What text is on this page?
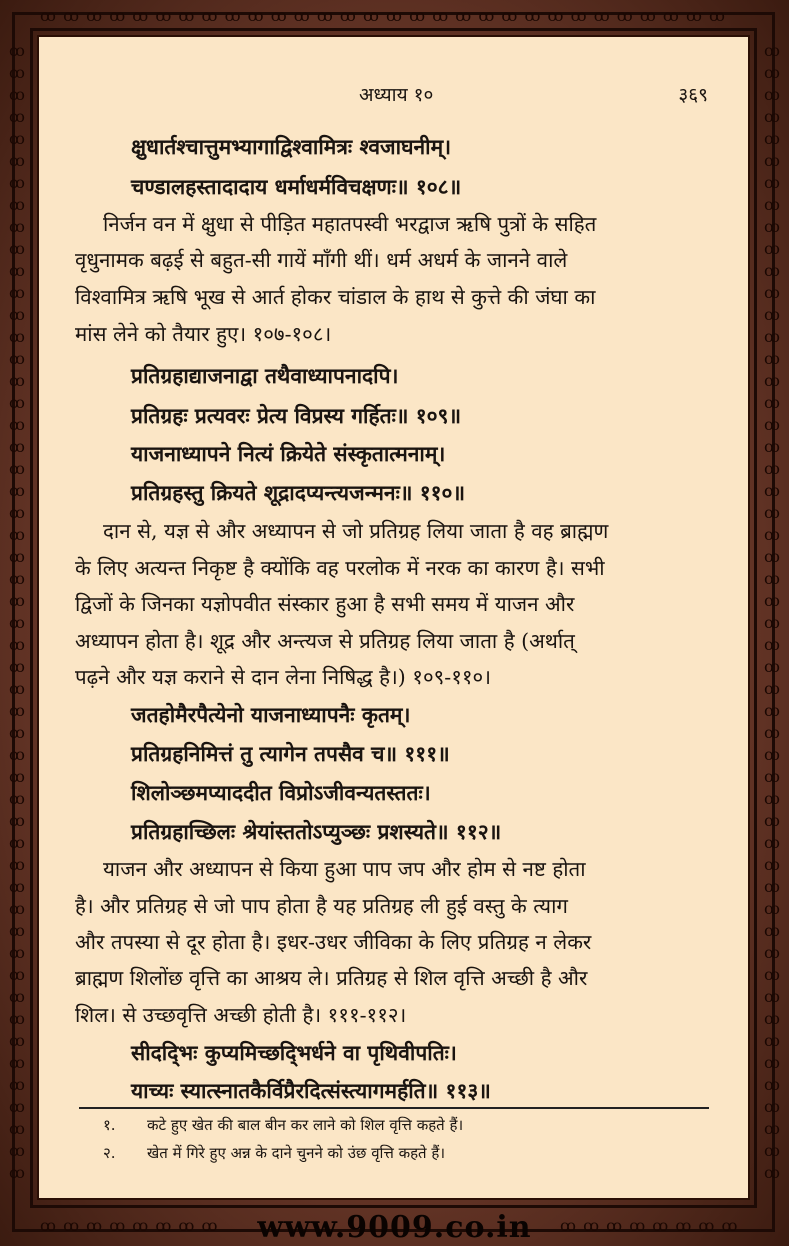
ꝏ ꝏ ꝏ ꝏ ꝏ ꝏ ꝏ ꝏ ꝏ ꝏ ꝏ ꝏ ꝏ ꝏ ꝏ ꝏ ꝏ ꝏ ꝏ ꝏ ꝏ ꝏ ꝏ ꝏ ꝏ ꝏ ꝏ ꝏ ꝏ ꝏ
ꝏ ꝏ ꝏ ꝏ ꝏ ꝏ ꝏ ꝏ	ꝏ ꝏ ꝏ ꝏ ꝏ ꝏ ꝏ ꝏ
ꝏ
ꝏ
ꝏ
ꝏ
ꝏ
ꝏ
ꝏ
ꝏ
ꝏ
ꝏ
ꝏ
ꝏ
ꝏ
ꝏ
ꝏ
ꝏ
ꝏ
ꝏ
ꝏ
ꝏ
ꝏ
ꝏ
ꝏ
ꝏ
ꝏ
ꝏ
ꝏ
ꝏ
ꝏ
ꝏ
ꝏ
ꝏ
ꝏ
ꝏ
ꝏ
ꝏ
ꝏ
ꝏ
ꝏ
ꝏ
ꝏ
ꝏ
ꝏ
ꝏ
ꝏ
ꝏ
ꝏ
ꝏ
ꝏ
ꝏ
ꝏ
ꝏ
ꝏ
ꝏ
ꝏ
ꝏ
ꝏ
ꝏ
ꝏ
ꝏ
ꝏ
ꝏ
ꝏ
ꝏ
ꝏ
ꝏ
ꝏ
ꝏ
ꝏ
ꝏ
ꝏ
ꝏ
ꝏ
ꝏ
ꝏ
ꝏ
ꝏ
ꝏ
ꝏ
ꝏ
ꝏ
ꝏ
ꝏ
ꝏ
ꝏ
ꝏ
ꝏ
ꝏ
ꝏ
ꝏ
ꝏ
ꝏ
ꝏ
ꝏ
ꝏ
ꝏ
ꝏ
ꝏ
ꝏ
ꝏ
ꝏ
ꝏ
ꝏ
ꝏ
अध्याय १०	३६९
क्षुधार्तश्चात्तुमभ्यागाद्विश्वामित्रः श्वजाघनीम्।
चण्डालहस्तादादाय धर्माधर्मविचक्षणः॥ १०८॥
निर्जन वन में क्षुधा से पीड़ित महातपस्वी भरद्वाज ऋषि पुत्रों के सहित
वृधुनामक बढ़ई से बहुत-सी गायें माँगी थीं। धर्म अधर्म के जानने वाले
विश्वामित्र ऋषि भूख से आर्त होकर चांडाल के हाथ से कुत्ते की जंघा का
मांस लेने को तैयार हुए। १०७-१०८।
प्रतिग्रहाद्याजनाद्वा तथैवाध्यापनादपि।
प्रतिग्रहः प्रत्यवरः प्रेत्य विप्रस्य गर्हितः॥ १०९॥
याजनाध्यापने नित्यं क्रियेते संस्कृतात्मनाम्।
प्रतिग्रहस्तु क्रियते शूद्रादप्यन्त्यजन्मनः॥ ११०॥
दान से, यज्ञ से और अध्यापन से जो प्रतिग्रह लिया जाता है वह ब्राह्मण
के लिए अत्यन्त निकृष्ट है क्योंकि वह परलोक में नरक का कारण है। सभी
द्विजों के जिनका यज्ञोपवीत संस्कार हुआ है सभी समय में याजन और
अध्यापन होता है। शूद्र और अन्त्यज से प्रतिग्रह लिया जाता है (अर्थात्
पढ़ने और यज्ञ कराने से दान लेना निषिद्ध है।) १०९-११०।
जतहोमैरपैत्येनो याजनाध्यापनैः कृतम्।
प्रतिग्रहनिमित्तं तु त्यागेन तपसैव च॥ १११॥
शिलोञ्छमप्याददीत विप्रोऽजीवन्यतस्ततः।
प्रतिग्रहाच्छिलः श्रेयांस्ततोऽप्युञ्छः प्रशस्यते॥ ११२॥
याजन और अध्यापन से किया हुआ पाप जप और होम से नष्ट होता
है। और प्रतिग्रह से जो पाप होता है यह प्रतिग्रह ली हुई वस्तु के त्याग
और तपस्या से दूर होता है। इधर-उधर जीविका के लिए प्रतिग्रह न लेकर
ब्राह्मण शिलोंछ वृत्ति का आश्रय ले। प्रतिग्रह से शिल वृत्ति अच्छी है और
शिल। से उच्छवृत्ति अच्छी होती है। १११-११२।
सीददि्भः कुप्यमिच्छदि्भर्धने वा पृथिवीपतिः।
याच्यः स्यात्स्नातकैर्विप्रैरदित्संस्त्यागमर्हति॥ ११३॥
१. कटे हुए खेत की बाल बीन कर लाने को शिल वृत्ति कहते हैं।
२. खेत में गिरे हुए अन्न के दाने चुनने को उंछ वृत्ति कहते हैं।
www.9009.co.in
